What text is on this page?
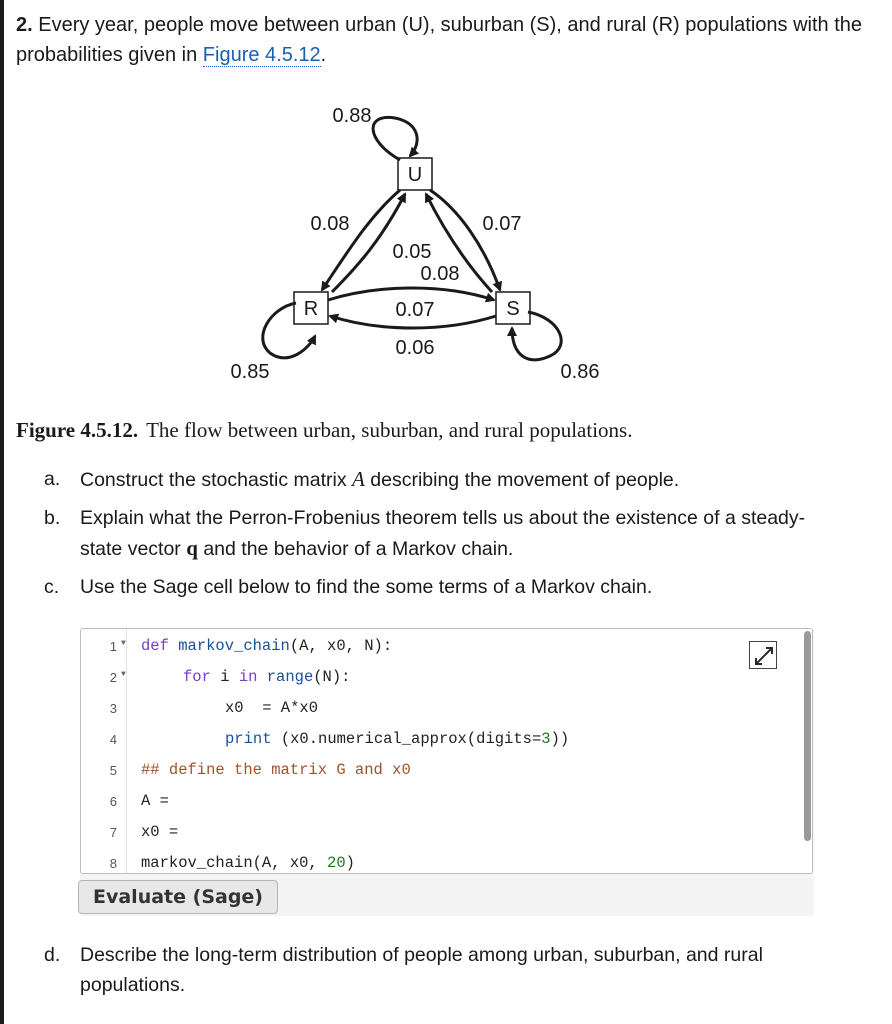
2. Every year, people move between urban (U), suburban (S), and rural (R) populations with the probabilities given in Figure 4.5.12.
U
R	S
0.88
0.08	0.07
0.05
0.08
0.07
0.06
0.85	0.86
Figure 4.5.12. The flow between urban, suburban, and rural populations.
a.	Construct the stochastic matrix A describing the movement of people.
b.	Explain what the Perron-Frobenius theorem tells us about the existence of a steady-state vector q and the behavior of a Markov chain.
c.	Use the Sage cell below to find the some terms of a Markov chain.
1 ▼ def markov_chain(A, x0, N):
2 ▼	for i in range(N):
3	x0  = A*x0
4	print (x0.numerical_approx(digits=3))
5 ## define the matrix G and x0
6 A =
7 x0 =
8 markov_chain(A, x0, 20)
Evaluate (Sage)
d.	Describe the long-term distribution of people among urban, suburban, and rural populations.
